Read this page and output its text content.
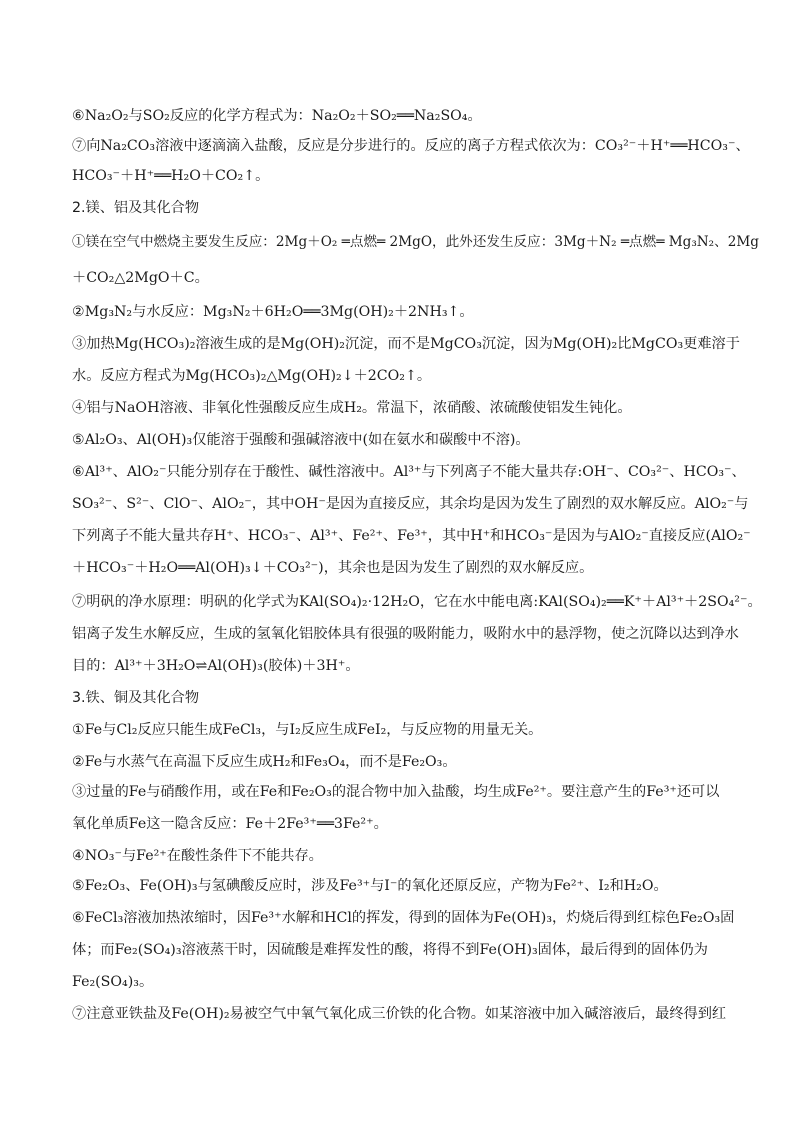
⑥Na₂O₂与SO₂反应的化学方程式为：Na₂O₂＋SO₂══Na₂SO₄。
⑦向Na₂CO₃溶液中逐滴滴入盐酸，反应是分步进行的。反应的离子方程式依次为：CO₃²⁻＋H⁺══HCO₃⁻、
HCO₃⁻＋H⁺══H₂O＋CO₂↑。
2.镁、铝及其化合物
①镁在空气中燃烧主要发生反应：2Mg＋O₂ ═点燃═ 2MgO，此外还发生反应：3Mg＋N₂ ═点燃═ Mg₃N₂、2Mg
＋CO₂△2MgO＋C。
②Mg₃N₂与水反应：Mg₃N₂＋6H₂O══3Mg(OH)₂＋2NH₃↑。
③加热Mg(HCO₃)₂溶液生成的是Mg(OH)₂沉淀，而不是MgCO₃沉淀，因为Mg(OH)₂比MgCO₃更难溶于
水。反应方程式为Mg(HCO₃)₂△Mg(OH)₂↓＋2CO₂↑。
④铝与NaOH溶液、非氧化性强酸反应生成H₂。常温下，浓硝酸、浓硫酸使铝发生钝化。
⑤Al₂O₃、Al(OH)₃仅能溶于强酸和强碱溶液中(如在氨水和碳酸中不溶)。
⑥Al³⁺、AlO₂⁻只能分别存在于酸性、碱性溶液中。Al³⁺与下列离子不能大量共存:OH⁻、CO₃²⁻、HCO₃⁻、
SO₃²⁻、S²⁻、ClO⁻、AlO₂⁻，其中OH⁻是因为直接反应，其余均是因为发生了剧烈的双水解反应。AlO₂⁻与
下列离子不能大量共存H⁺、HCO₃⁻、Al³⁺、Fe²⁺、Fe³⁺，其中H⁺和HCO₃⁻是因为与AlO₂⁻直接反应(AlO₂⁻
＋HCO₃⁻＋H₂O══Al(OH)₃↓＋CO₃²⁻)，其余也是因为发生了剧烈的双水解反应。
⑦明矾的净水原理：明矾的化学式为KAl(SO₄)₂·12H₂O，它在水中能电离:KAl(SO₄)₂══K⁺＋Al³⁺＋2SO₄²⁻。
铝离子发生水解反应，生成的氢氧化铝胶体具有很强的吸附能力，吸附水中的悬浮物，使之沉降以达到净水
目的：Al³⁺＋3H₂O⇌Al(OH)₃(胶体)＋3H⁺。
3.铁、铜及其化合物
①Fe与Cl₂反应只能生成FeCl₃，与I₂反应生成FeI₂，与反应物的用量无关。
②Fe与水蒸气在高温下反应生成H₂和Fe₃O₄，而不是Fe₂O₃。
③过量的Fe与硝酸作用，或在Fe和Fe₂O₃的混合物中加入盐酸，均生成Fe²⁺。要注意产生的Fe³⁺还可以
氧化单质Fe这一隐含反应：Fe＋2Fe³⁺══3Fe²⁺。
④NO₃⁻与Fe²⁺在酸性条件下不能共存。
⑤Fe₂O₃、Fe(OH)₃与氢碘酸反应时，涉及Fe³⁺与I⁻的氧化还原反应，产物为Fe²⁺、I₂和H₂O。
⑥FeCl₃溶液加热浓缩时，因Fe³⁺水解和HCl的挥发，得到的固体为Fe(OH)₃，灼烧后得到红棕色Fe₂O₃固
体；而Fe₂(SO₄)₃溶液蒸干时，因硫酸是难挥发性的酸，将得不到Fe(OH)₃固体，最后得到的固体仍为
Fe₂(SO₄)₃。
⑦注意亚铁盐及Fe(OH)₂易被空气中氧气氧化成三价铁的化合物。如某溶液中加入碱溶液后，最终得到红
